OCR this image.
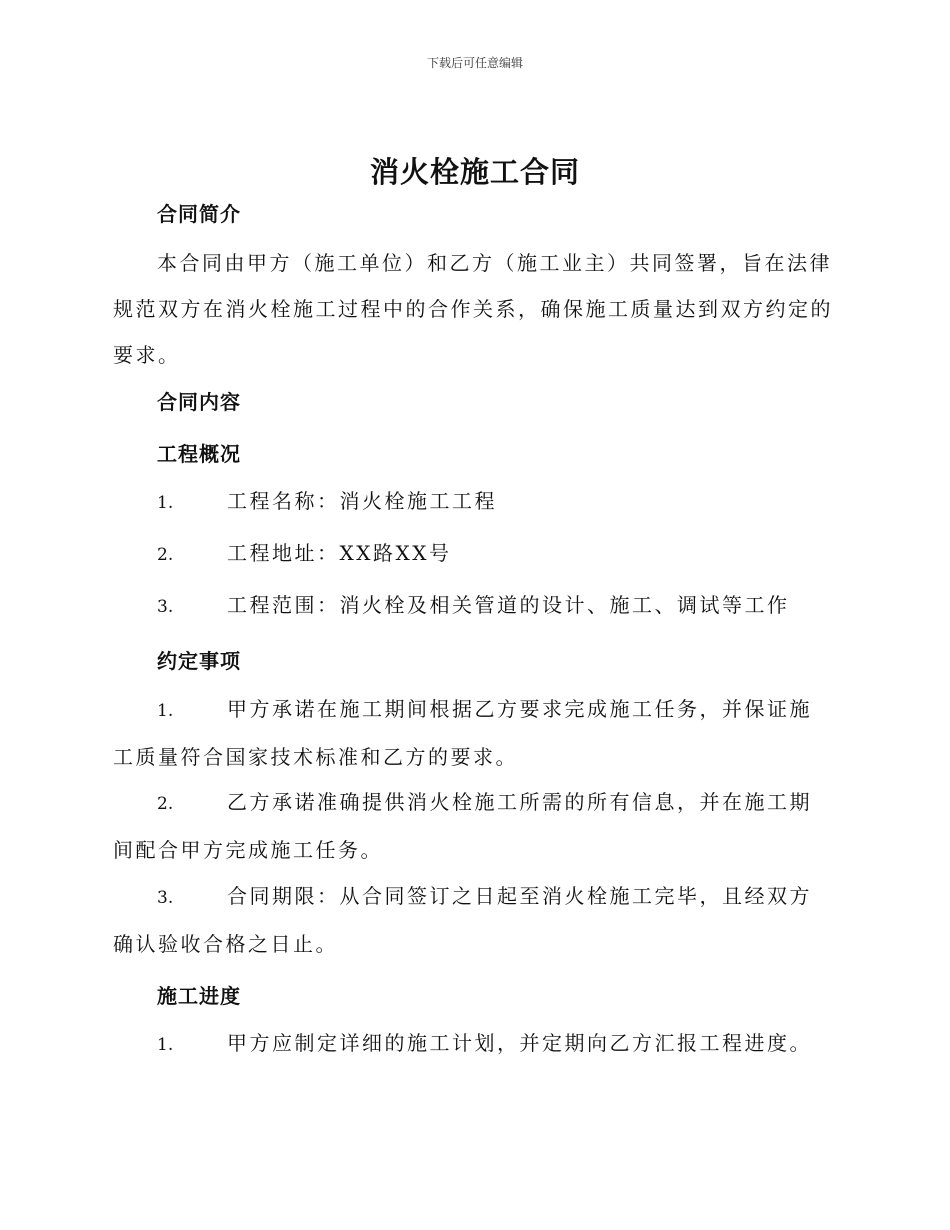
下载后可任意编辑
消火栓施工合同
合同简介
本合同由甲方（施工单位）和乙方（施工业主）共同签署，旨在法律规范双方在消火栓施工过程中的合作关系，确保施工质量达到双方约定的要求。
合同内容
工程概况
1.	工程名称：消火栓施工工程
2.	工程地址：XX路XX号
3.	工程范围：消火栓及相关管道的设计、施工、调试等工作
约定事项
1.	甲方承诺在施工期间根据乙方要求完成施工任务，并保证施工质量符合国家技术标准和乙方的要求。
2.	乙方承诺准确提供消火栓施工所需的所有信息，并在施工期间配合甲方完成施工任务。
3.	合同期限：从合同签订之日起至消火栓施工完毕，且经双方确认验收合格之日止。
施工进度
1.	甲方应制定详细的施工计划，并定期向乙方汇报工程进度。
